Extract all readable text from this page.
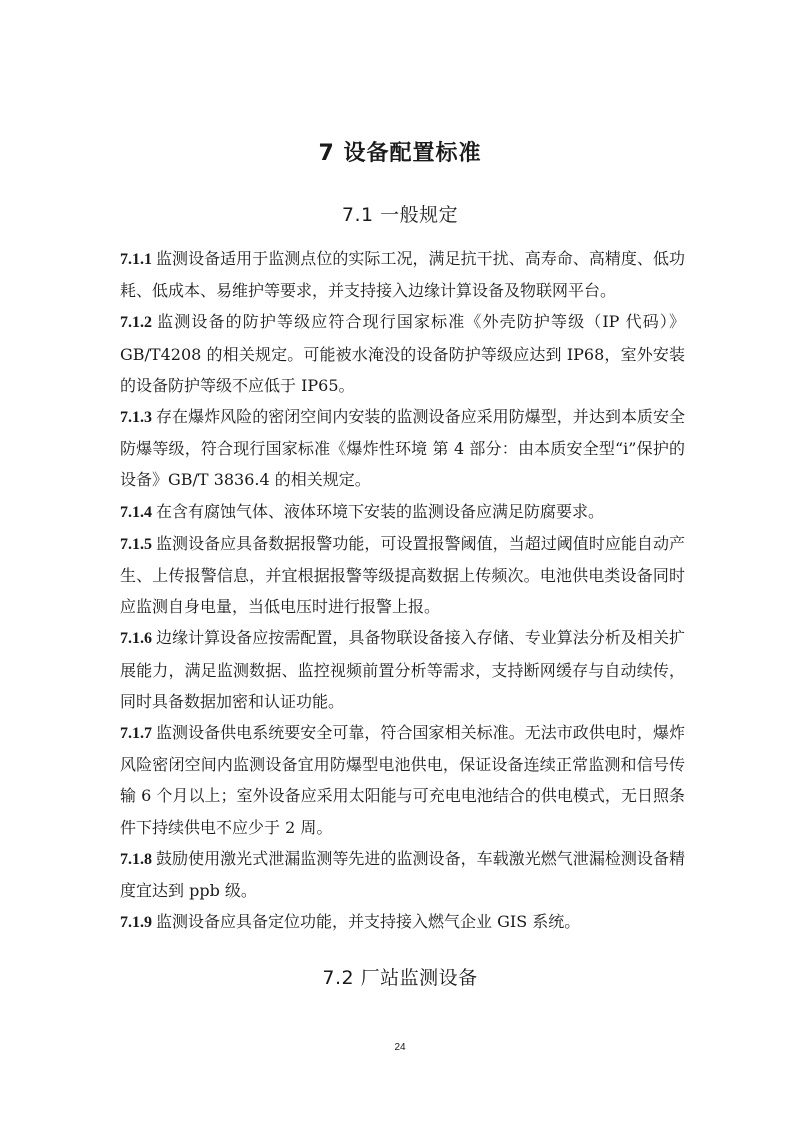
7 设备配置标准
7.1 一般规定

7.1.1 监测设备适用于监测点位的实际工况，满足抗干扰、高寿命、高精度、低功耗、低成本、易维护等要求，并支持接入边缘计算设备及物联网平台。

7.1.2 监测设备的防护等级应符合现行国家标准《外壳防护等级（IP 代码）》GB/T4208 的相关规定。可能被水淹没的设备防护等级应达到 IP68，室外安装的设备防护等级不应低于 IP65。

7.1.3 存在爆炸风险的密闭空间内安装的监测设备应采用防爆型，并达到本质安全防爆等级，符合现行国家标准《爆炸性环境 第 4 部分：由本质安全型“i”保护的设备》GB/T 3836.4 的相关规定。

7.1.4 在含有腐蚀气体、液体环境下安装的监测设备应满足防腐要求。

7.1.5 监测设备应具备数据报警功能，可设置报警阈值，当超过阈值时应能自动产生、上传报警信息，并宜根据报警等级提高数据上传频次。电池供电类设备同时应监测自身电量，当低电压时进行报警上报。

7.1.6 边缘计算设备应按需配置，具备物联设备接入存储、专业算法分析及相关扩展能力，满足监测数据、监控视频前置分析等需求，支持断网缓存与自动续传，同时具备数据加密和认证功能。

7.1.7 监测设备供电系统要安全可靠，符合国家相关标准。无法市政供电时，爆炸风险密闭空间内监测设备宜用防爆型电池供电，保证设备连续正常监测和信号传输 6 个月以上；室外设备应采用太阳能与可充电电池结合的供电模式，无日照条件下持续供电不应少于 2 周。

7.1.8 鼓励使用激光式泄漏监测等先进的监测设备，车载激光燃气泄漏检测设备精度宜达到 ppb 级。

7.1.9 监测设备应具备定位功能，并支持接入燃气企业 GIS 系统。

7.2 厂站监测设备
24
